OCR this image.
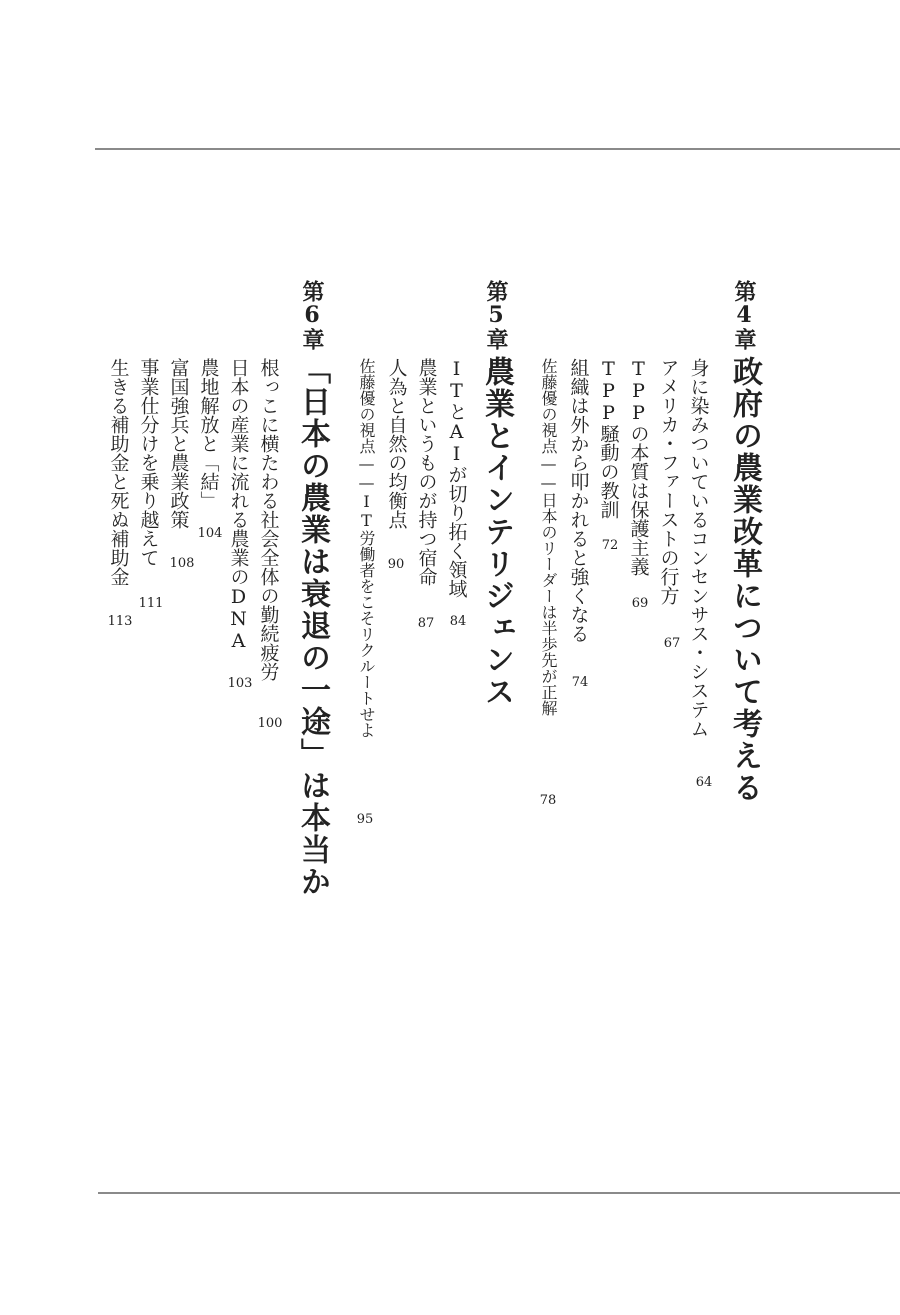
第4章
政府の農業改革について考える
身に染みついているコンセンサス・システム
64
アメリカ・ファーストの行方
67
TPPの本質は保護主義
69
TPP騒動の教訓
72
組織は外から叩かれると強くなる
74
佐藤優の視点——日本のリーダーは半歩先が正解
78
第5章
農業とインテリジェンス
ITとAIが切り拓く領域
84
農業というものが持つ宿命
87
人為と自然の均衡点
90
佐藤優の視点——IT労働者をこそリクルートせよ
95
第6章
「日本の農業は衰退の一途」は本当か
根っこに横たわる社会全体の勤続疲労
100
日本の産業に流れる農業のDNA
103
農地解放と「結」
104
富国強兵と農業政策
108
事業仕分けを乗り越えて
111
生きる補助金と死ぬ補助金
113
